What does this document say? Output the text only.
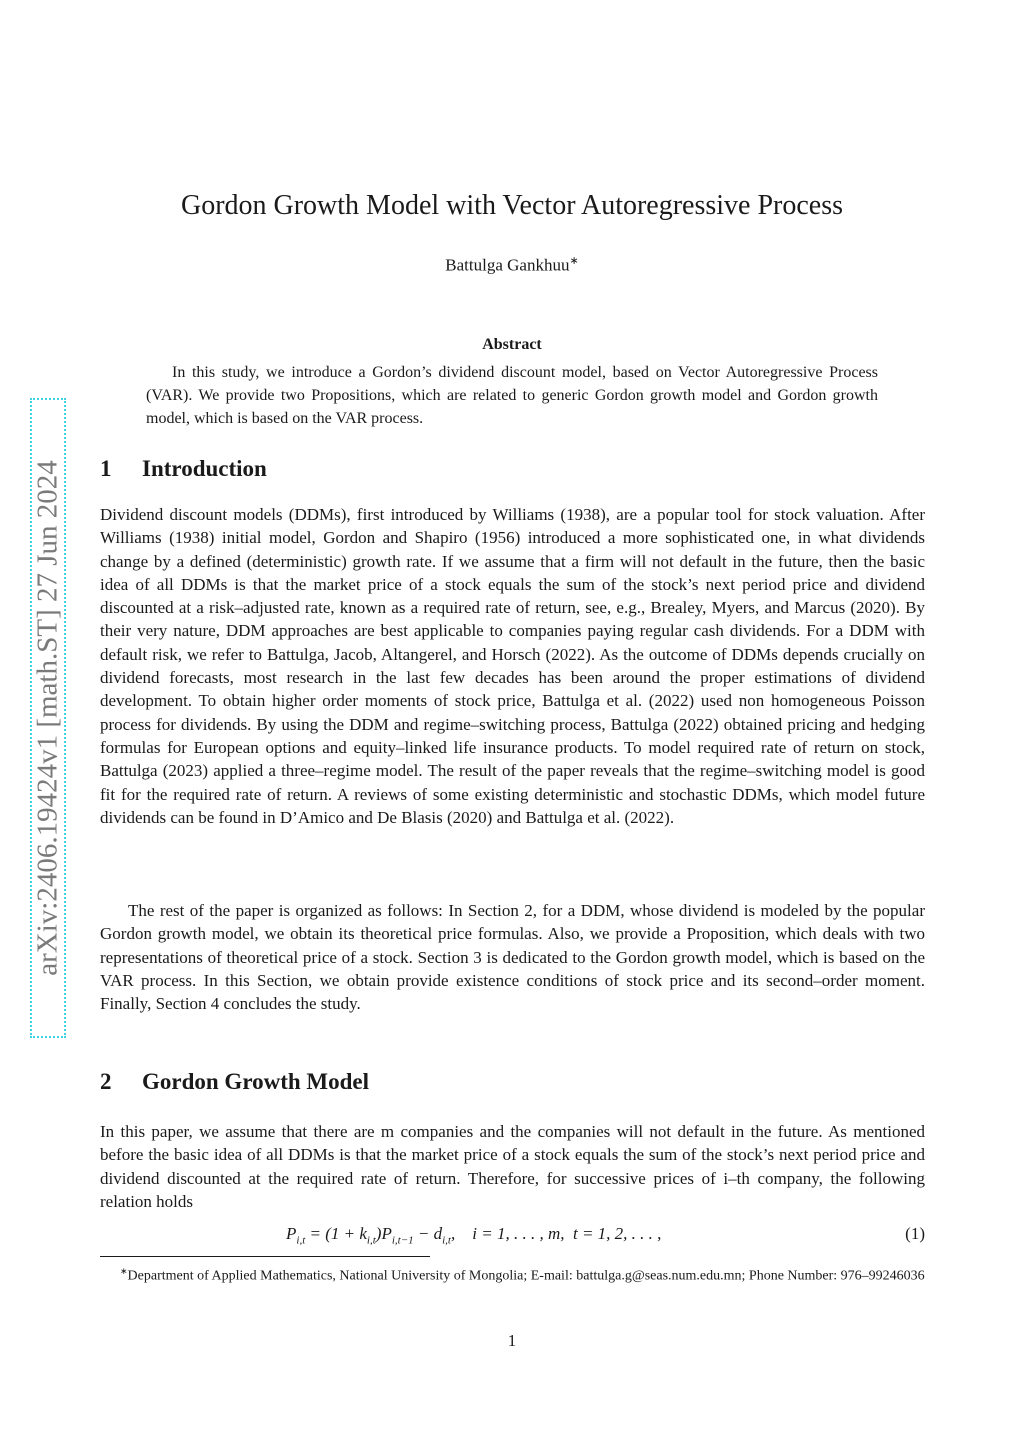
arXiv:2406.19424v1 [math.ST] 27 Jun 2024
Gordon Growth Model with Vector Autoregressive Process
Battulga Gankhuu∗
Abstract

In this study, we introduce a Gordon’s dividend discount model, based on Vector Autoregressive Process (VAR). We provide two Propositions, which are related to generic Gordon growth model and Gordon growth model, which is based on the VAR process.

1 Introduction

Dividend discount models (DDMs), first introduced by Williams (1938), are a popular tool for stock valuation. After Williams (1938) initial model, Gordon and Shapiro (1956) introduced a more sophisticated one, in what dividends change by a defined (deterministic) growth rate. If we assume that a firm will not default in the future, then the basic idea of all DDMs is that the market price of a stock equals the sum of the stock’s next period price and dividend discounted at a risk–adjusted rate, known as a required rate of return, see, e.g., Brealey, Myers, and Marcus (2020). By their very nature, DDM approaches are best applicable to companies paying regular cash dividends. For a DDM with default risk, we refer to Battulga, Jacob, Altangerel, and Horsch (2022). As the outcome of DDMs depends crucially on dividend forecasts, most research in the last few decades has been around the proper estimations of dividend development. To obtain higher order moments of stock price, Battulga et al. (2022) used non homogeneous Poisson process for dividends. By using the DDM and regime–switching process, Battulga (2022) obtained pricing and hedging formulas for European options and equity–linked life insurance products. To model required rate of return on stock, Battulga (2023) applied a three–regime model. The result of the paper reveals that the regime–switching model is good fit for the required rate of return. A reviews of some existing deterministic and stochastic DDMs, which model future dividends can be found in D’Amico and De Blasis (2020) and Battulga et al. (2022).

The rest of the paper is organized as follows: In Section 2, for a DDM, whose dividend is modeled by the popular Gordon growth model, we obtain its theoretical price formulas. Also, we provide a Proposition, which deals with two representations of theoretical price of a stock. Section 3 is dedicated to the Gordon growth model, which is based on the VAR process. In this Section, we obtain provide existence conditions of stock price and its second–order moment. Finally, Section 4 concludes the study.

2 Gordon Growth Model

In this paper, we assume that there are m companies and the companies will not default in the future. As mentioned before the basic idea of all DDMs is that the market price of a stock equals the sum of the stock’s next period price and dividend discounted at the required rate of return. Therefore, for successive prices of i–th company, the following relation holds

$P_{i,t} = (1 + k_{i,t})P_{i,t-1} - d_{i,t}$,    i = 1, . . . , m,  t = 1, 2, . . . ,	(1)

∗Department of Applied Mathematics, National University of Mongolia; E-mail: battulga.g@seas.num.edu.mn; Phone Number: 976–99246036

1
